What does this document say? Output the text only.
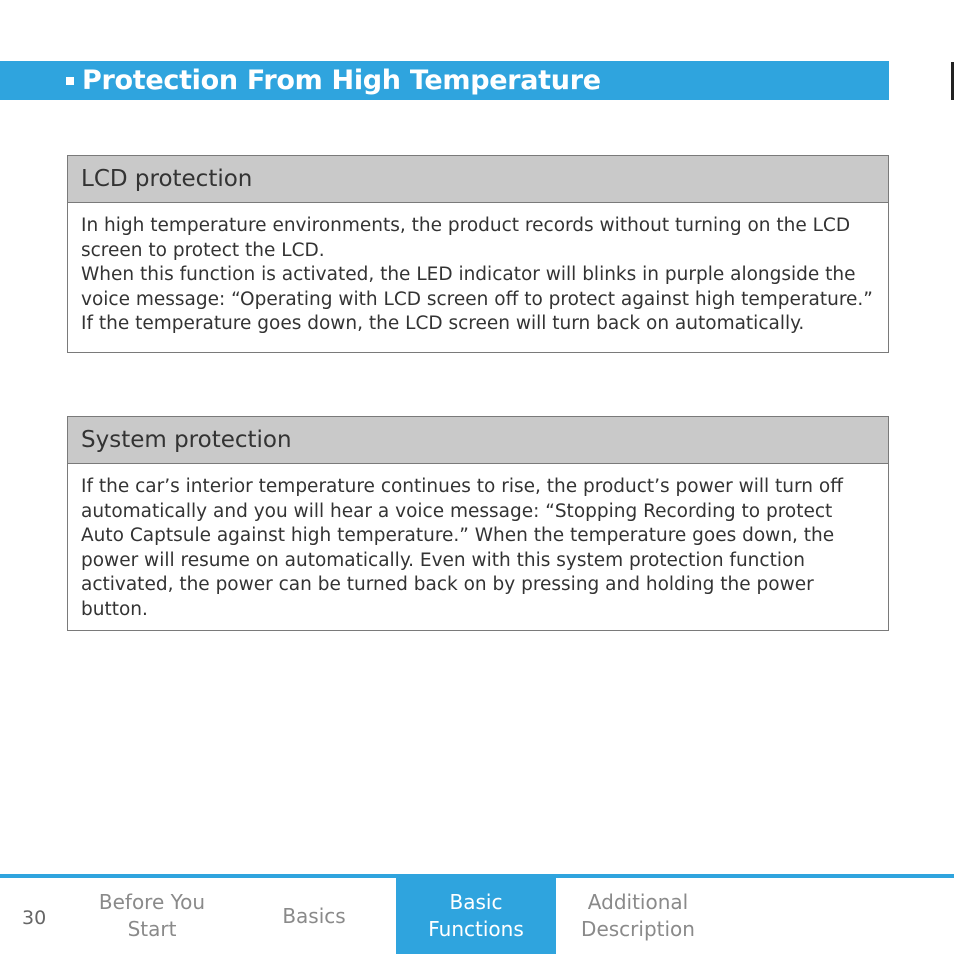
Protection From High Temperature
LCD protection

In high temperature environments, the product records without turning on the LCD screen to protect the LCD.

When this function is activated, the LED indicator will blinks in purple alongside the voice message: “Operating with LCD screen off to protect against high temperature.”

If the temperature goes down, the LCD screen will turn back on automatically.

System protection

If the car’s interior temperature continues to rise, the product’s power will turn off automatically and you will hear a voice message: “Stopping Recording to protect Auto Captsule against high temperature.” When the temperature goes down, the power will resume on automatically. Even with this system protection function activated, the power can be turned back on by pressing and holding the power button.

30
Before You
Start
Basics
Basic
Functions
Additional
Description
